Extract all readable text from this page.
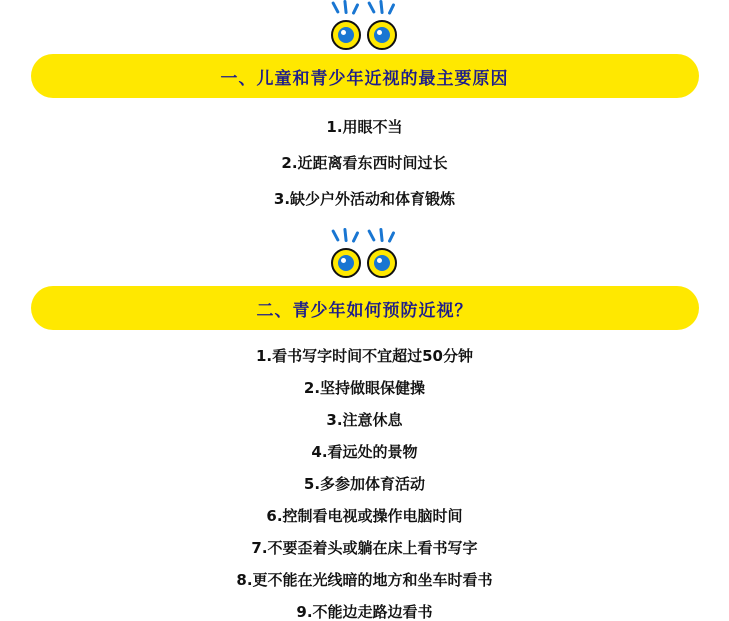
一、儿童和青少年近视的最主要原因
1.用眼不当
2.近距离看东西时间过长
3.缺少户外活动和体育锻炼
二、青少年如何预防近视？
1.看书写字时间不宜超过50分钟
2.坚持做眼保健操
3.注意休息
4.看远处的景物
5.多参加体育活动
6.控制看电视或操作电脑时间
7.不要歪着头或躺在床上看书写字
8.更不能在光线暗的地方和坐车时看书
9.不能边走路边看书
